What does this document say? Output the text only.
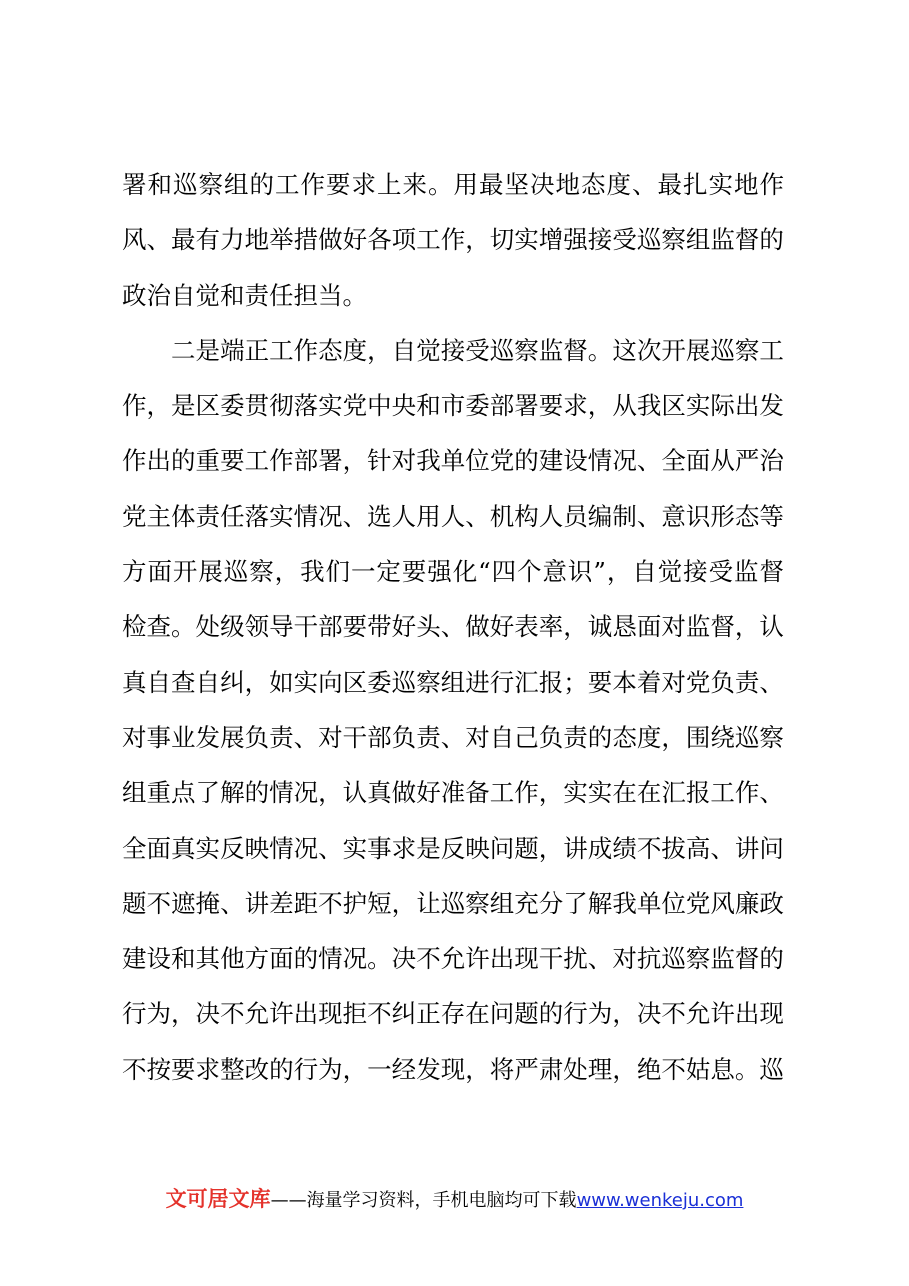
署 和 巡 察 组 的 工 作 要 求 上 来 。 用 最 坚 决 地 态 度 、 最 扎 实 地 作
风 、 最 有 力 地 举 措 做 好 各 项 工 作 ， 切 实 增 强 接 受 巡 察 组 监 督 的
政治自觉和责任担当。

二 是 端 正 工 作 态 度 ， 自 觉 接 受 巡 察 监 督 。 这 次 开 展 巡 察 工
作 ， 是 区 委 贯 彻 落 实 党 中 央 和 市 委 部 署 要 求 ， 从 我 区 实 际 出 发
作 出 的 重 要 工 作 部 署 ， 针 对 我 单 位 党 的 建 设 情 况 、 全 面 从 严 治
党 主 体 责 任 落 实 情 况 、 选 人 用 人 、 机 构 人 员 编 制 、 意 识 形 态 等
方 面 开 展 巡 察 ， 我 们 一 定 要 强 化 “ 四 个 意 识 ” ， 自 觉 接 受 监 督
检 查 。 处 级 领 导 干 部 要 带 好 头 、 做 好 表 率 ， 诚 恳 面 对 监 督 ， 认
真 自 查 自 纠 ， 如 实 向 区 委 巡 察 组 进 行 汇 报 ； 要 本 着 对 党 负 责 、
对 事 业 发 展 负 责 、 对 干 部 负 责 、 对 自 己 负 责 的 态 度 ， 围 绕 巡 察
组 重 点 了 解 的 情 况 ， 认 真 做 好 准 备 工 作 ， 实 实 在 在 汇 报 工 作 、
全 面 真 实 反 映 情 况 、 实 事 求 是 反 映 问 题 ， 讲 成 绩 不 拔 高 、 讲 问
题 不 遮 掩 、 讲 差 距 不 护 短 ， 让 巡 察 组 充 分 了 解 我 单 位 党 风 廉 政
建 设 和 其 他 方 面 的 情 况 。 决 不 允 许 出 现 干 扰 、 对 抗 巡 察 监 督 的
行 为 ， 决 不 允 许 出 现 拒 不 纠 正 存 在 问 题 的 行 为 ， 决 不 允 许 出 现
不 按 要 求 整 改 的 行 为 ， 一 经 发 现 ， 将 严 肃 处 理 ， 绝 不 姑 息 。 巡
文可居文库——海量学习资料，手机电脑均可下载www.wenkeju.com
